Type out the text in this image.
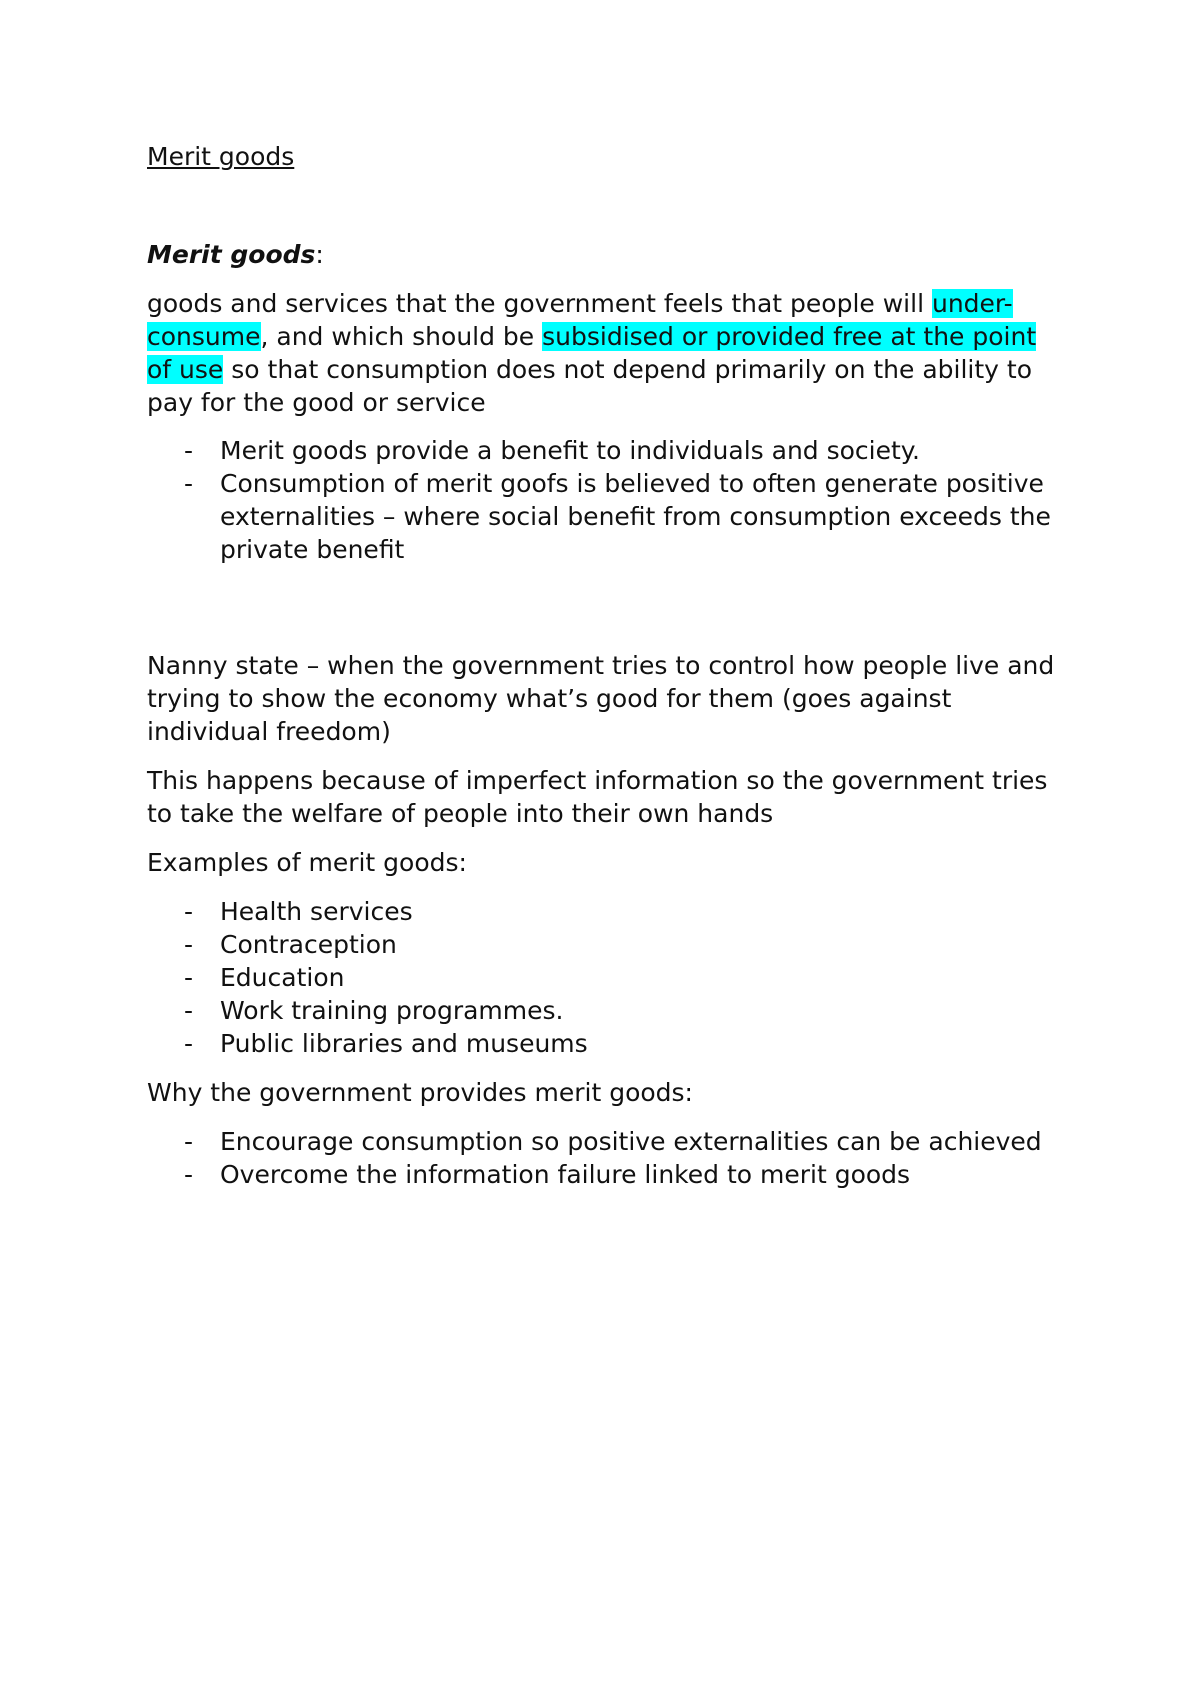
Merit goods

Merit goods:

goods and services that the government feels that people will under-consume, and which should be subsidised or provided free at the point of use so that consumption does not depend primarily on the ability to pay for the good or service

- Merit goods provide a benefit to individuals and society.
- Consumption of merit goofs is believed to often generate positive externalities – where social benefit from consumption exceeds the private benefit

Nanny state – when the government tries to control how people live and trying to show the economy what’s good for them (goes against individual freedom)

This happens because of imperfect information so the government tries to take the welfare of people into their own hands

Examples of merit goods:

- Health services
- Contraception
- Education
- Work training programmes.
- Public libraries and museums

Why the government provides merit goods:

- Encourage consumption so positive externalities can be achieved
- Overcome the information failure linked to merit goods
